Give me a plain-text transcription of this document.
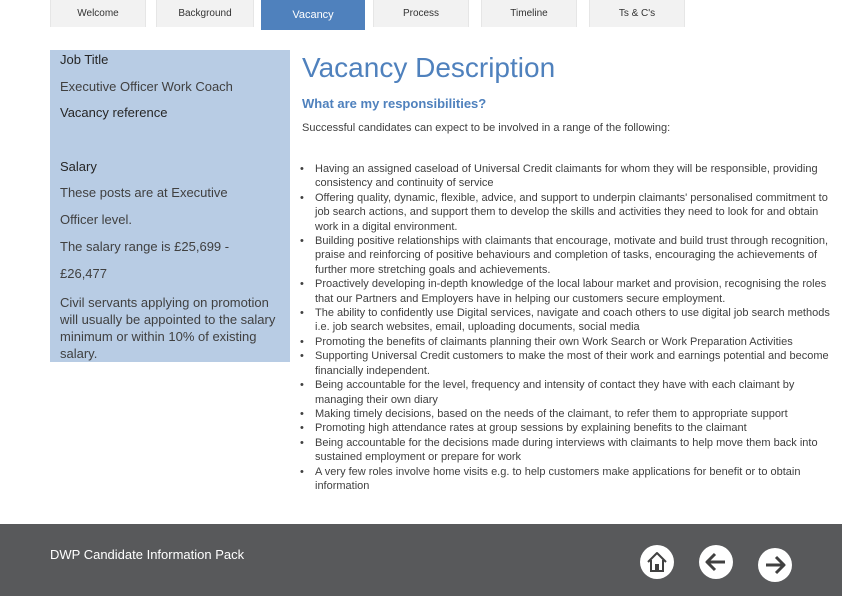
Welcome	Background	Vacancy	Process	Timeline	Ts & C's
Job Title
Executive Officer Work Coach
Vacancy reference
Salary
These posts are at Executive
Officer level.
The salary range is £25,699 -
£26,477
Civil servants applying on promotion will usually be appointed to the salary minimum or within 10% of existing salary.
Vacancy Description
What are my responsibilities?
Successful candidates can expect to be involved in a range of the following:
• Having an assigned caseload of Universal Credit claimants for whom they will be responsible, providing consistency and continuity of service
• Offering quality, dynamic, flexible, advice, and support to underpin claimants' personalised commitment to job search actions, and support them to develop the skills and activities they need to look for and obtain work in a digital environment.
• Building positive relationships with claimants that encourage, motivate and build trust through recognition, praise and reinforcing of positive behaviours and completion of tasks, encouraging the achievements of further more stretching goals and achievements.
• Proactively developing in-depth knowledge of the local labour market and provision, recognising the roles that our Partners and Employers have in helping our customers secure employment.
• The ability to confidently use Digital services, navigate and coach others to use digital job search methods i.e. job search websites, email, uploading documents, social media
• Promoting the benefits of claimants planning their own Work Search or Work Preparation Activities
• Supporting Universal Credit customers to make the most of their work and earnings potential and become financially independent.
• Being accountable for the level, frequency and intensity of contact they have with each claimant by managing their own diary
• Making timely decisions, based on the needs of the claimant, to refer them to appropriate support
• Promoting high attendance rates at group sessions by explaining benefits to the claimant
• Being accountable for the decisions made during interviews with claimants to help move them back into sustained employment or prepare for work
• A very few roles involve home visits e.g. to help customers make applications for benefit or to obtain information
DWP Candidate Information Pack
